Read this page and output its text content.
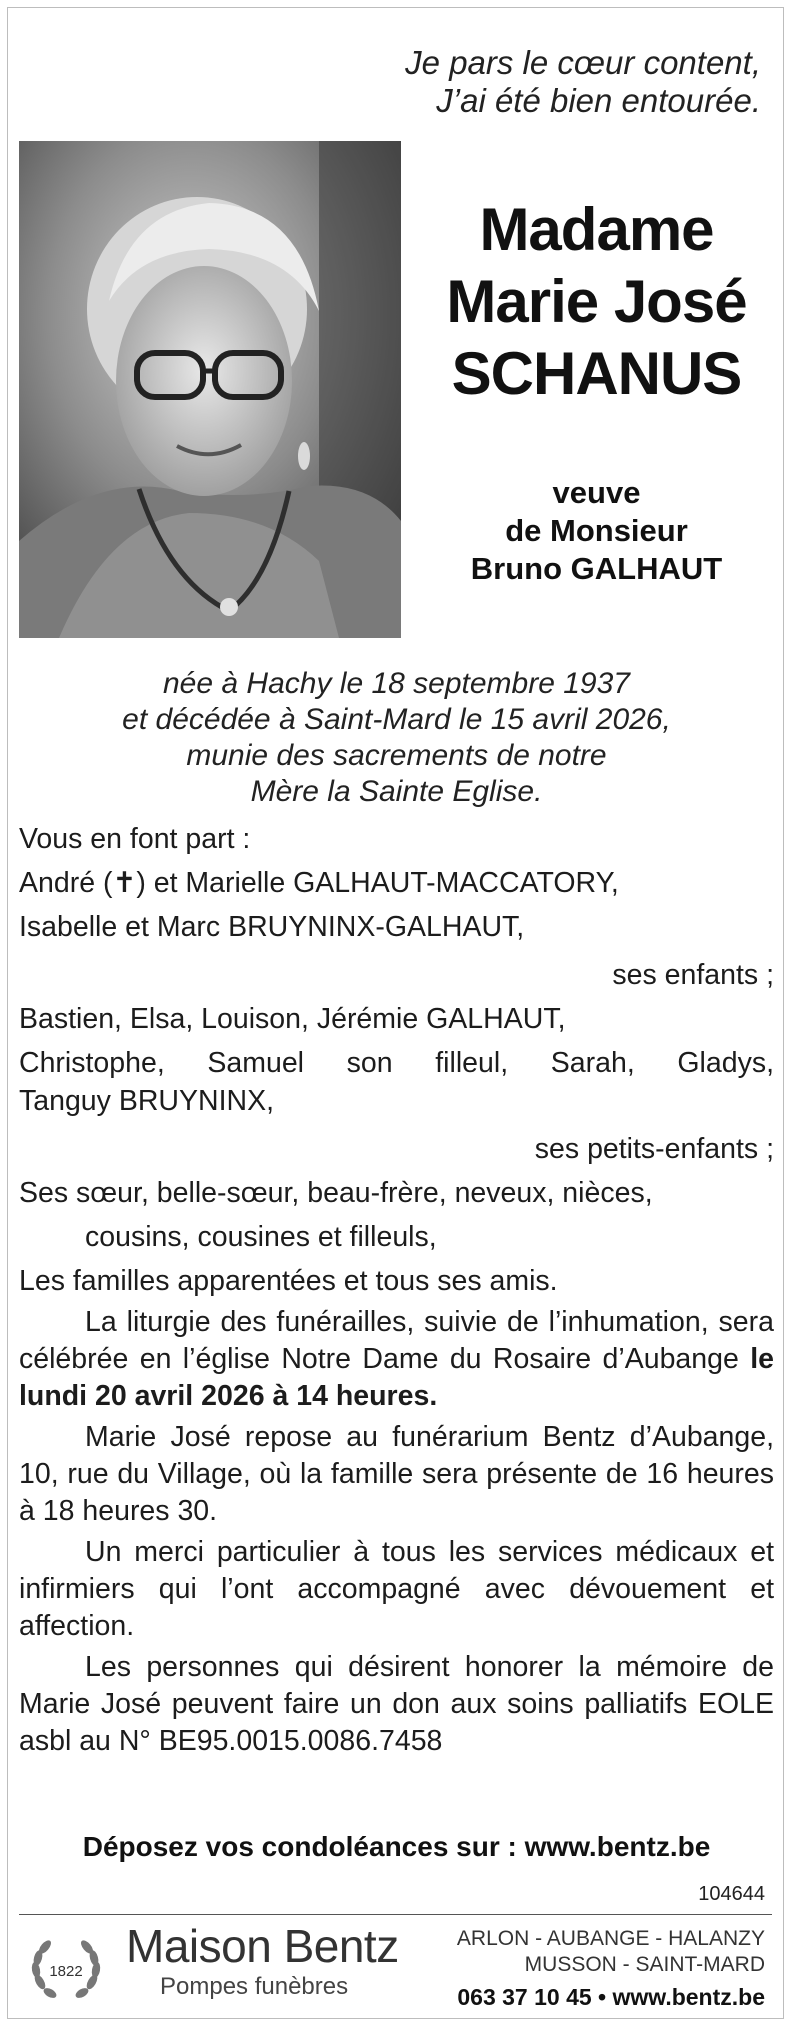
Je pars le cœur content,
J’ai été bien entourée.
Madame
Marie José
SCHANUS
veuve
de Monsieur
Bruno GALHAUT
née à Hachy le 18 septembre 1937
et décédée à Saint-Mard le 15 avril 2026,
munie des sacrements de notre
Mère la Sainte Eglise.
Vous en font part :
André (✝) et Marielle GALHAUT-MACCATORY,
Isabelle et Marc BRUYNINX-GALHAUT,
ses enfants ;
Bastien, Elsa, Louison, Jérémie GALHAUT,
Christophe, Samuel son filleul, Sarah, Gladys,
Tanguy BRUYNINX,
ses petits-enfants ;
Ses sœur, belle-sœur, beau-frère, neveux, nièces,
cousins, cousines et filleuls,
Les familles apparentées et tous ses amis.
La liturgie des funérailles, suivie de l’inhumation, sera célébrée en l’église Notre Dame du Rosaire d’Aubange le lundi 20 avril 2026 à 14 heures.
Marie José repose au funérarium Bentz d’Aubange, 10, rue du Village, où la famille sera présente de 16 heures à 18 heures 30.
Un merci particulier à tous les services médicaux et infirmiers qui l’ont accompagné avec dévouement et affection.
Les personnes qui désirent honorer la mémoire de Marie José peuvent faire un don aux soins palliatifs EOLE asbl au N° BE95.0015.0086.7458
Déposez vos condoléances sur : www.bentz.be
104644
1822 Maison Bentz
Pompes funèbres
ARLON - AUBANGE - HALANZY
MUSSON - SAINT-MARD
063 37 10 45 • www.bentz.be
